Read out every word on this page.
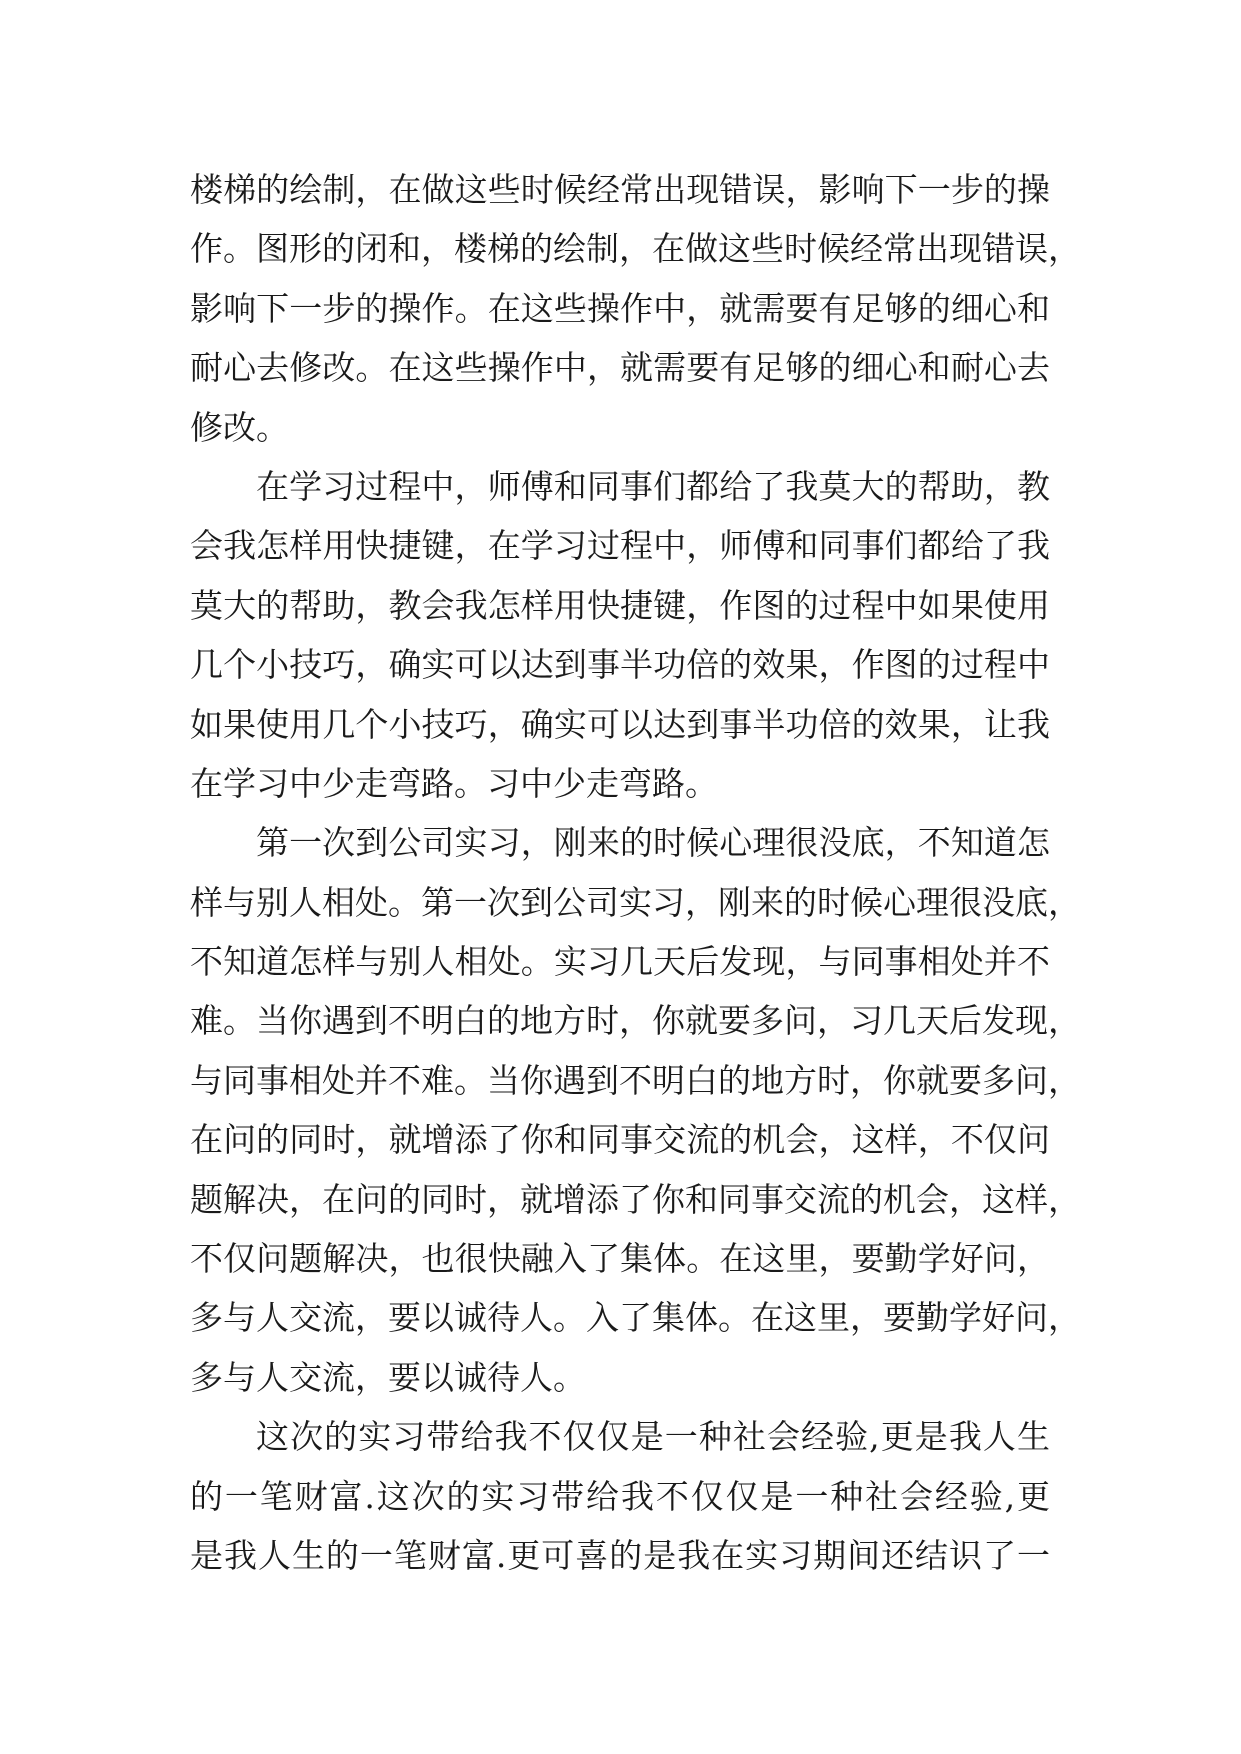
楼梯的绘制，在做这些时候经常出现错误，影响下一步的操
作。图形的闭和，楼梯的绘制，在做这些时候经常出现错误，
影响下一步的操作。在这些操作中，就需要有足够的细心和
耐心去修改。在这些操作中，就需要有足够的细心和耐心去
修改。
在学习过程中，师傅和同事们都给了我莫大的帮助，教
会我怎样用快捷键，在学习过程中，师傅和同事们都给了我
莫大的帮助，教会我怎样用快捷键，作图的过程中如果使用
几个小技巧，确实可以达到事半功倍的效果，作图的过程中
如果使用几个小技巧，确实可以达到事半功倍的效果，让我
在学习中少走弯路。习中少走弯路。
第一次到公司实习，刚来的时候心理很没底，不知道怎
样与别人相处。第一次到公司实习，刚来的时候心理很没底，
不知道怎样与别人相处。实习几天后发现，与同事相处并不
难。当你遇到不明白的地方时，你就要多问，习几天后发现，
与同事相处并不难。当你遇到不明白的地方时，你就要多问，
在问的同时，就增添了你和同事交流的机会，这样，不仅问
题解决，在问的同时，就增添了你和同事交流的机会，这样，
不仅问题解决，也很快融入了集体。在这里，要勤学好问，
多与人交流，要以诚待人。入了集体。在这里，要勤学好问，
多与人交流，要以诚待人。
这次的实习带给我不仅仅是一种社会经验,更是我人生
的一笔财富.这次的实习带给我不仅仅是一种社会经验,更
是我人生的一笔财富.更可喜的是我在实习期间还结识了一
